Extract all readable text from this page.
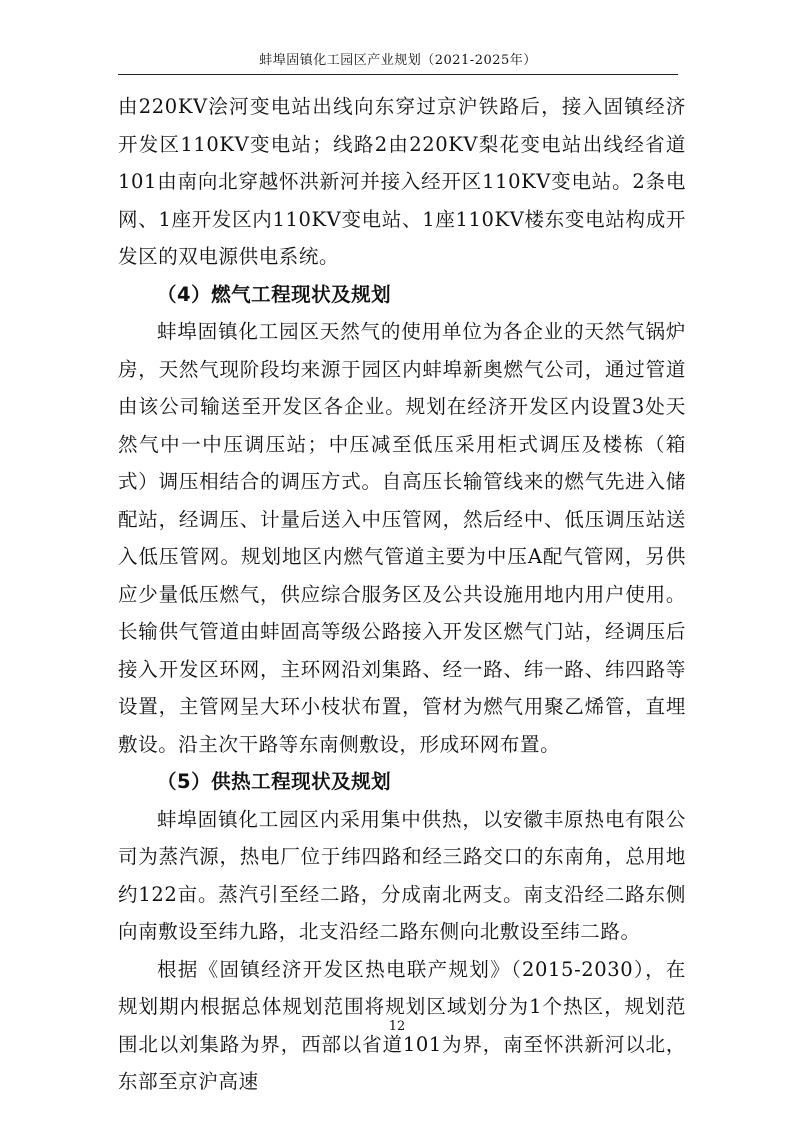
蚌埠固镇化工园区产业规划（2021-2025年）

由220KV浍河变电站出线向东穿过京沪铁路后，接入固镇经济开发区110KV变电站；线路2由220KV梨花变电站出线经省道101由南向北穿越怀洪新河并接入经开区110KV变电站。2条电网、1座开发区内110KV变电站、1座110KV楼东变电站构成开发区的双电源供电系统。

（4）燃气工程现状及规划

蚌埠固镇化工园区天然气的使用单位为各企业的天然气锅炉房，天然气现阶段均来源于园区内蚌埠新奥燃气公司，通过管道由该公司输送至开发区各企业。规划在经济开发区内设置3处天然气中一中压调压站；中压减至低压采用柜式调压及楼栋（箱式）调压相结合的调压方式。自高压长输管线来的燃气先进入储配站，经调压、计量后送入中压管网，然后经中、低压调压站送入低压管网。规划地区内燃气管道主要为中压A配气管网，另供应少量低压燃气，供应综合服务区及公共设施用地内用户使用。长输供气管道由蚌固高等级公路接入开发区燃气门站，经调压后接入开发区环网，主环网沿刘集路、经一路、纬一路、纬四路等设置，主管网呈大环小枝状布置，管材为燃气用聚乙烯管，直埋敷设。沿主次干路等东南侧敷设，形成环网布置。

（5）供热工程现状及规划

蚌埠固镇化工园区内采用集中供热，以安徽丰原热电有限公司为蒸汽源，热电厂位于纬四路和经三路交口的东南角，总用地约122亩。蒸汽引至经二路，分成南北两支。南支沿经二路东侧向南敷设至纬九路，北支沿经二路东侧向北敷设至纬二路。

根据《固镇经济开发区热电联产规划》（2015-2030），在规划期内根据总体规划范围将规划区域划分为1个热区，规划范围北以刘集路为界，西部以省道101为界，南至怀洪新河以北，东部至京沪高速

12
